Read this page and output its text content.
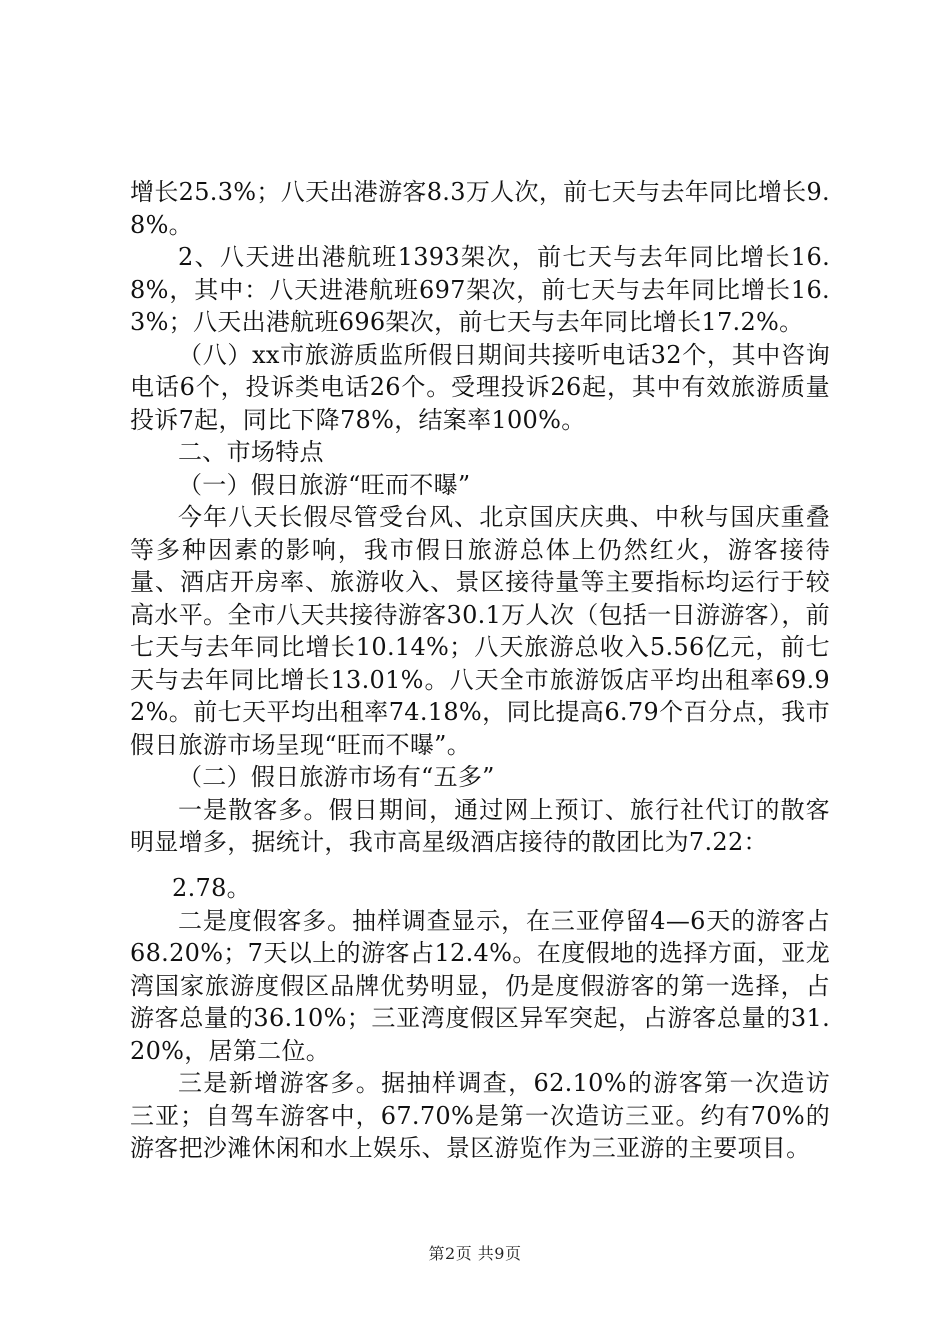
增长25.3%；八天出港游客8.3万人次，前七天与去年同比增长9.8%。

2、八天进出港航班1393架次，前七天与去年同比增长16.8%，其中：八天进港航班697架次，前七天与去年同比增长16.3%；八天出港航班696架次，前七天与去年同比增长17.2%。

（八）xx市旅游质监所假日期间共接听电话32个，其中咨询电话6个，投诉类电话26个。受理投诉26起，其中有效旅游质量投诉7起，同比下降78%，结案率100%。

二、市场特点

（一）假日旅游“旺而不曝”

今年八天长假尽管受台风、北京国庆庆典、中秋与国庆重叠等多种因素的影响，我市假日旅游总体上仍然红火，游客接待量、酒店开房率、旅游收入、景区接待量等主要指标均运行于较高水平。全市八天共接待游客30.1万人次（包括一日游游客），前七天与去年同比增长10.14%；八天旅游总收入5.56亿元，前七天与去年同比增长13.01%。八天全市旅游饭店平均出租率69.92%。前七天平均出租率74.18%，同比提高6.79个百分点，我市假日旅游市场呈现“旺而不曝”。

（二）假日旅游市场有“五多”

一是散客多。假日期间，通过网上预订、旅行社代订的散客明显增多，据统计，我市高星级酒店接待的散团比为7.22：

2.78。

二是度假客多。抽样调查显示，在三亚停留4—6天的游客占68.20%；7天以上的游客占12.4%。在度假地的选择方面，亚龙湾国家旅游度假区品牌优势明显，仍是度假游客的第一选择，占游客总量的36.10%；三亚湾度假区异军突起，占游客总量的31.20%，居第二位。

三是新增游客多。据抽样调查，62.10%的游客第一次造访三亚；自驾车游客中，67.70%是第一次造访三亚。约有70%的游客把沙滩休闲和水上娱乐、景区游览作为三亚游的主要项目。

第2页 共9页
